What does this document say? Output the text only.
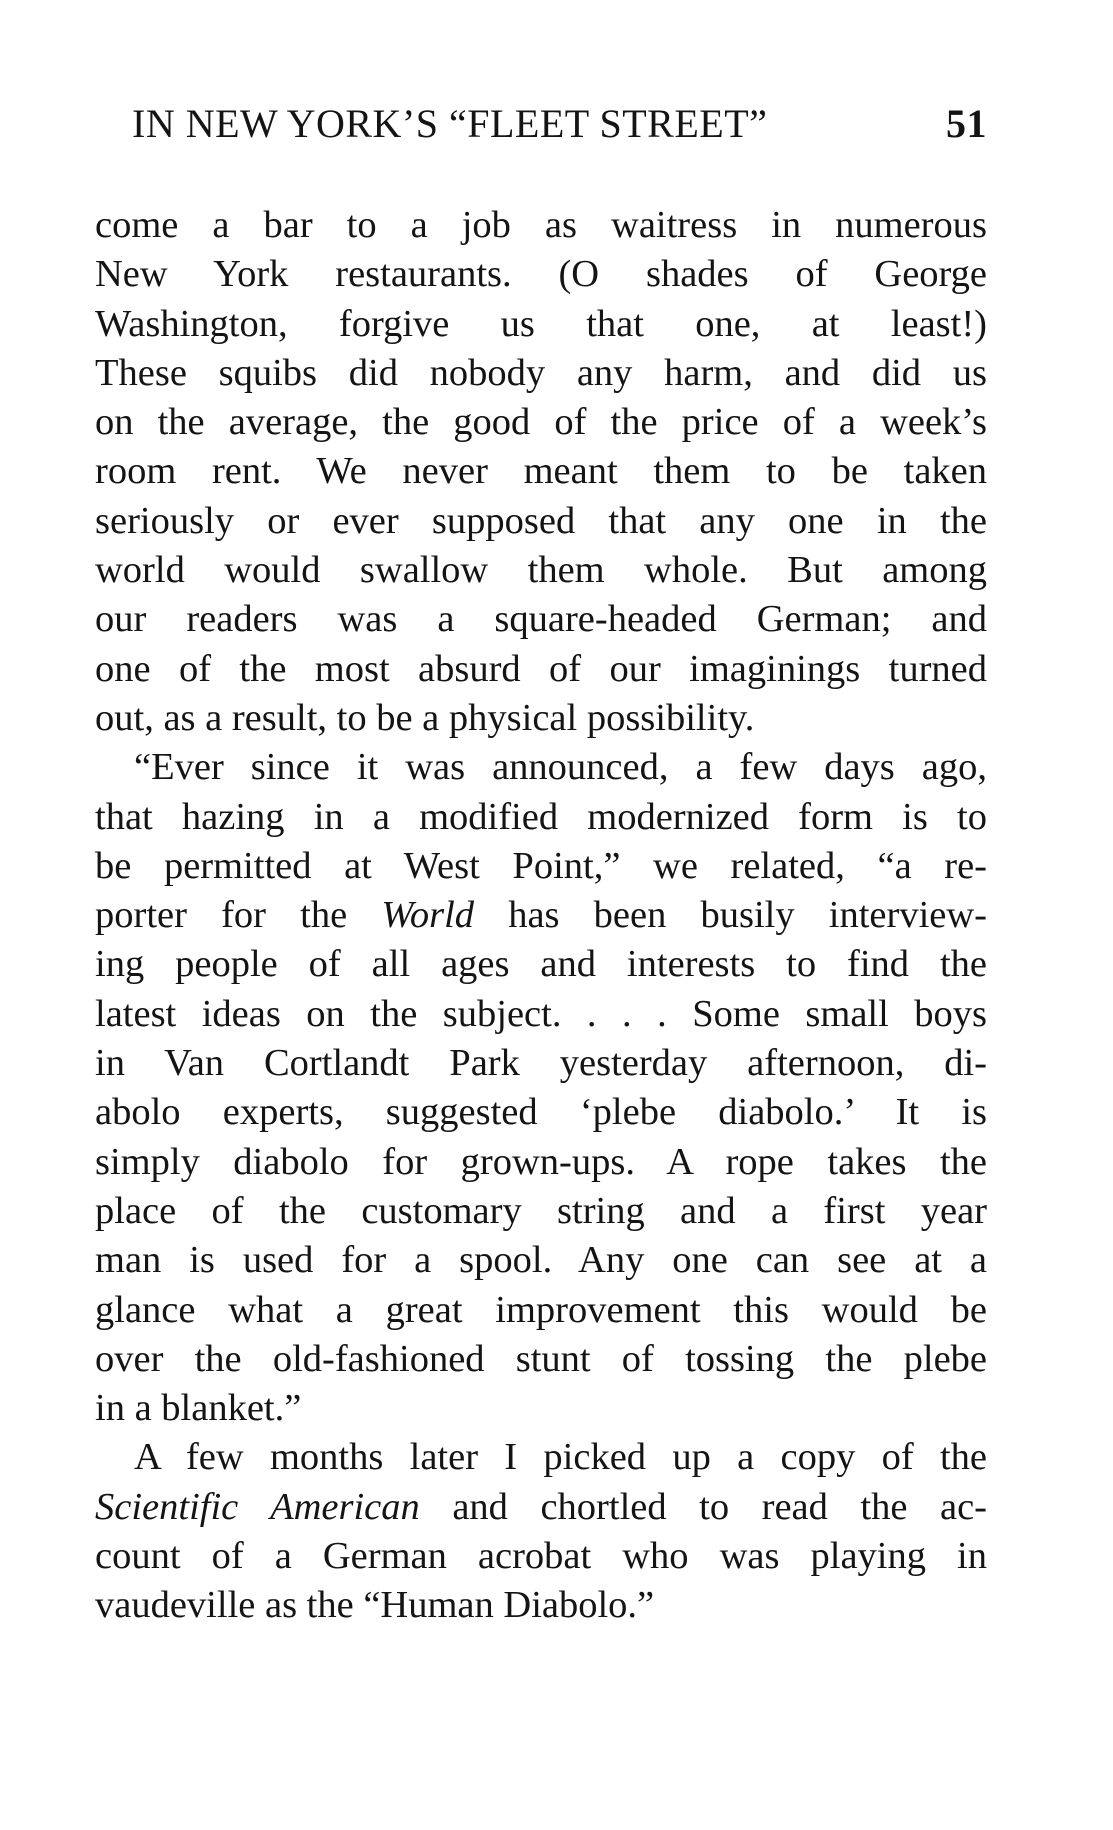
IN NEW YORK’S “FLEET STREET”	51
come a bar to a job as waitress in numerous
New York restaurants. (O shades of George
Washington, forgive us that one, at least!)
These squibs did nobody any harm, and did us
on the average, the good of the price of a week’s
room rent. We never meant them to be taken
seriously or ever supposed that any one in the
world would swallow them whole. But among
our readers was a square-headed German; and
one of the most absurd of our imaginings turned
out, as a result, to be a physical possibility.
“Ever since it was announced, a few days ago,
that hazing in a modified modernized form is to
be permitted at West Point,” we related, “a re-
porter for the World has been busily interview-
ing people of all ages and interests to find the
latest ideas on the subject. . . . Some small boys
in Van Cortlandt Park yesterday afternoon, di-
abolo experts, suggested ‘plebe diabolo.’ It is
simply diabolo for grown-ups. A rope takes the
place of the customary string and a first year
man is used for a spool. Any one can see at a
glance what a great improvement this would be
over the old-fashioned stunt of tossing the plebe
in a blanket.”
A few months later I picked up a copy of the
Scientific American and chortled to read the ac-
count of a German acrobat who was playing in
vaudeville as the “Human Diabolo.”
